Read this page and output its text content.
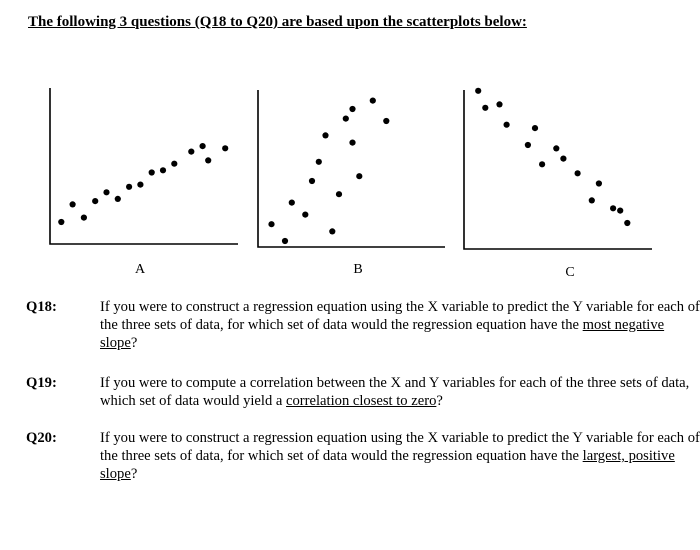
The following 3 questions (Q18 to Q20) are based upon the scatterplots below:
A	B	C
Q18:	If you were to construct a regression equation using the X variable to predict the Y variable for each of the three sets of data, for which set of data would the regression equation have the most negative slope?
Q19:	If you were to compute a correlation between the X and Y variables for each of the three sets of data, which set of data would yield a correlation closest to zero?
Q20:	If you were to construct a regression equation using the X variable to predict the Y variable for each of the three sets of data, for which set of data would the regression equation have the largest, positive slope?
